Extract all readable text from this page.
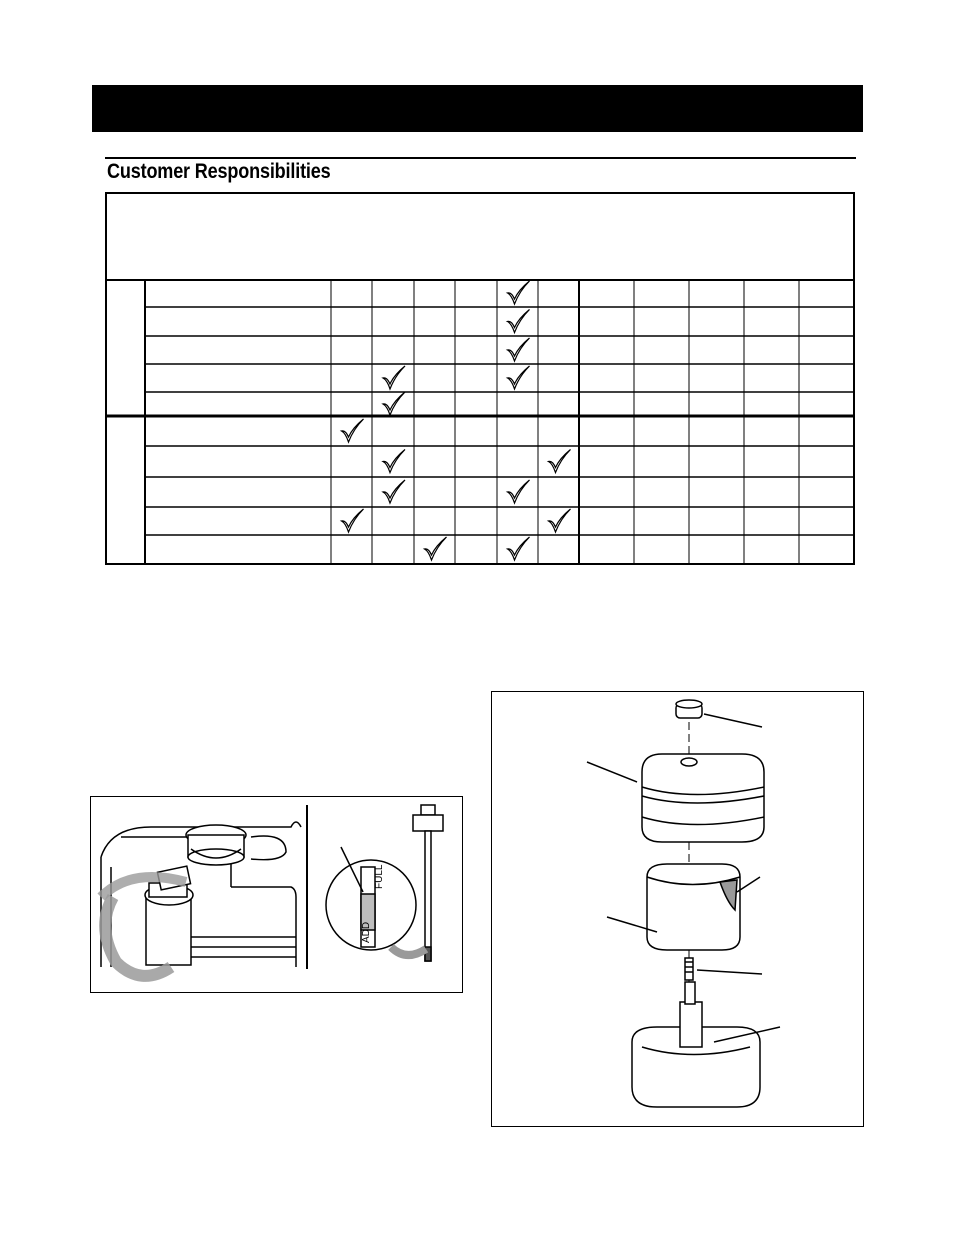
Customer Responsibilities
FULL
ADD
